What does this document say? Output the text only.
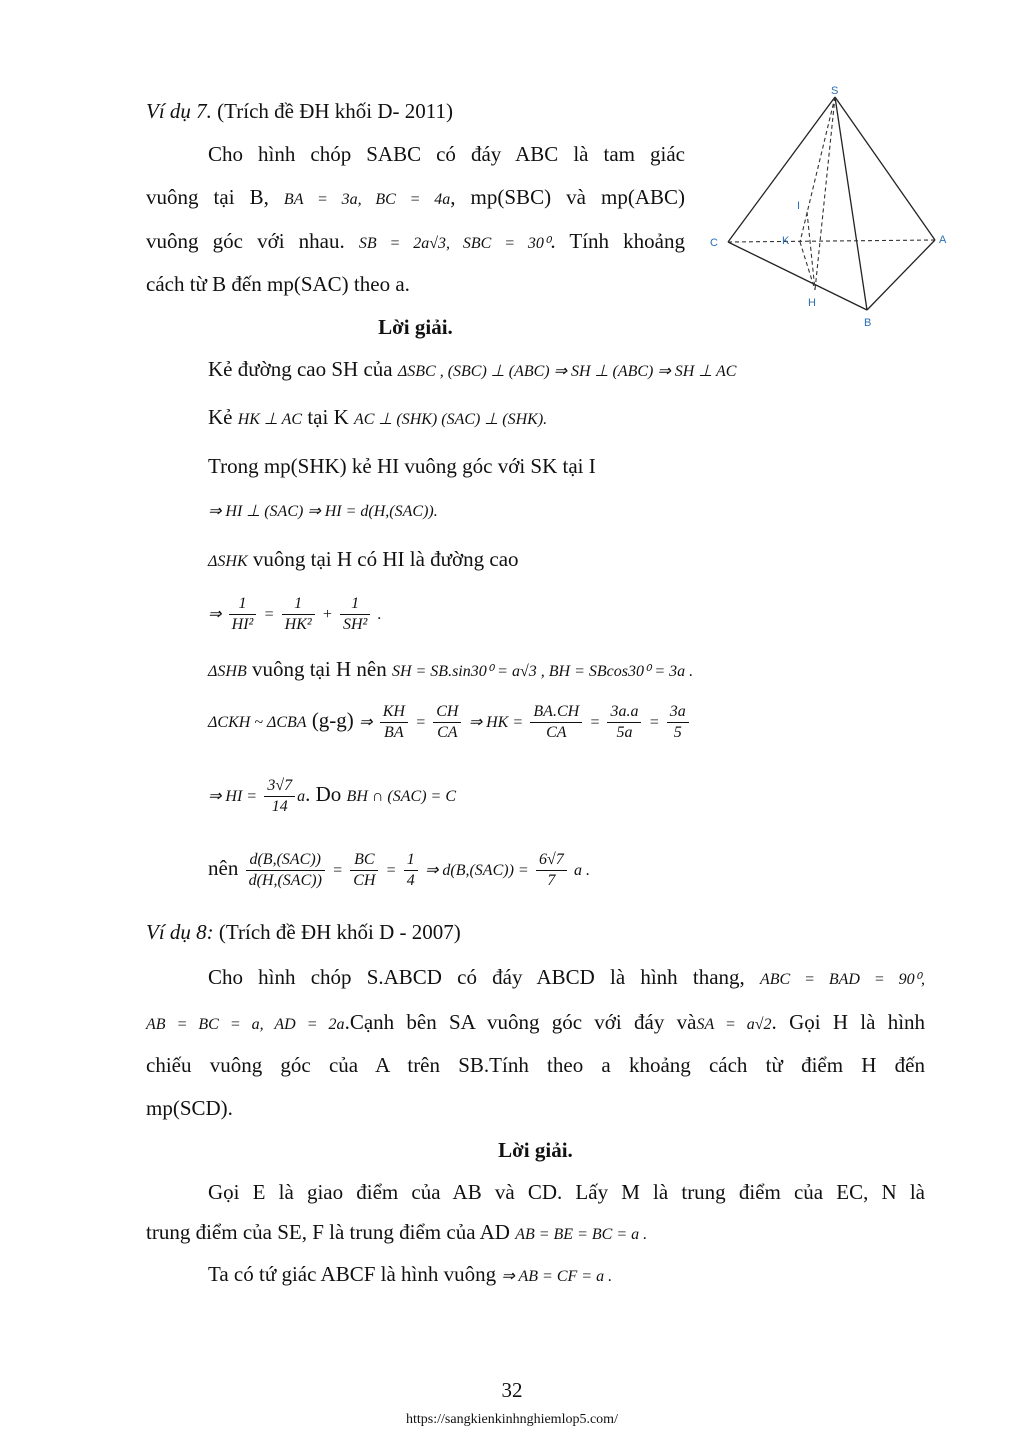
Ví dụ 7. (Trích đề ĐH khối D- 2011)
Cho hình chóp SABC có đáy ABC là tam giác
vuông tại B, BA = 3a, BC = 4a, mp(SBC) và mp(ABC)
vuông góc với nhau. SB = 2a√3, SBC = 30⁰. Tính khoảng
cách từ B đến mp(SAC) theo a.
S
I
C	K	A
H
B
Lời giải.
Kẻ đường cao SH của ΔSBC , (SBC) ⊥ (ABC) ⇒ SH ⊥ (ABC) ⇒ SH ⊥ AC
Kẻ HK ⊥ AC tại K AC ⊥ (SHK) (SAC) ⊥ (SHK).
Trong mp(SHK) kẻ HI vuông góc với SK tại I
⇒ HI ⊥ (SAC) ⇒ HI = d(H,(SAC)).
ΔSHK vuông tại H có HI là đường cao
⇒ $\frac{1}{\text{HI²}} = \frac{1}{\text{HK²}} + \frac{1}{\text{SH²}}$ .
ΔSHB vuông tại H nên SH = SB.sin30⁰ = a√3 , BH = SBcos30⁰ = 3a .
ΔCKH ~ ΔCBA (g-g) ⇒ $\frac{KH}{BA} = \frac{CH}{CA}$ ⇒ HK = $\frac{BA.CH}{CA} = \frac{3a.a}{5a} = \frac{3a}{5}$
⇒ HI = $\frac{3√7}{14} a$. Do BH ∩ (SAC) = C
nên $\frac{\text{d(B,(SAC))}}{\text{d(H,(SAC))}} = \frac{BC}{CH} = \frac{1}{4}$ ⇒ $d(B,(SAC)) = \frac{6√7}{7}$ a .
Ví dụ 8: (Trích đề ĐH khối D - 2007)
Cho hình chóp S.ABCD có đáy ABCD là hình thang, ABC = BAD = 90⁰,
AB = BC = a, AD = 2a.Cạnh bên SA vuông góc với đáy vàSA = a√2. Gọi H là hình
chiếu vuông góc của A trên SB.Tính theo a khoảng cách từ điểm H đến
mp(SCD).
Lời giải.
Gọi E là giao điểm của AB và CD. Lấy M là trung điểm của EC, N là
trung điểm của SE, F là trung điểm của AD AB = BE = BC = a .
Ta có tứ giác ABCF là hình vuông ⇒ AB = CF = a .
32
https://sangkienkinhnghiemlop5.com/
